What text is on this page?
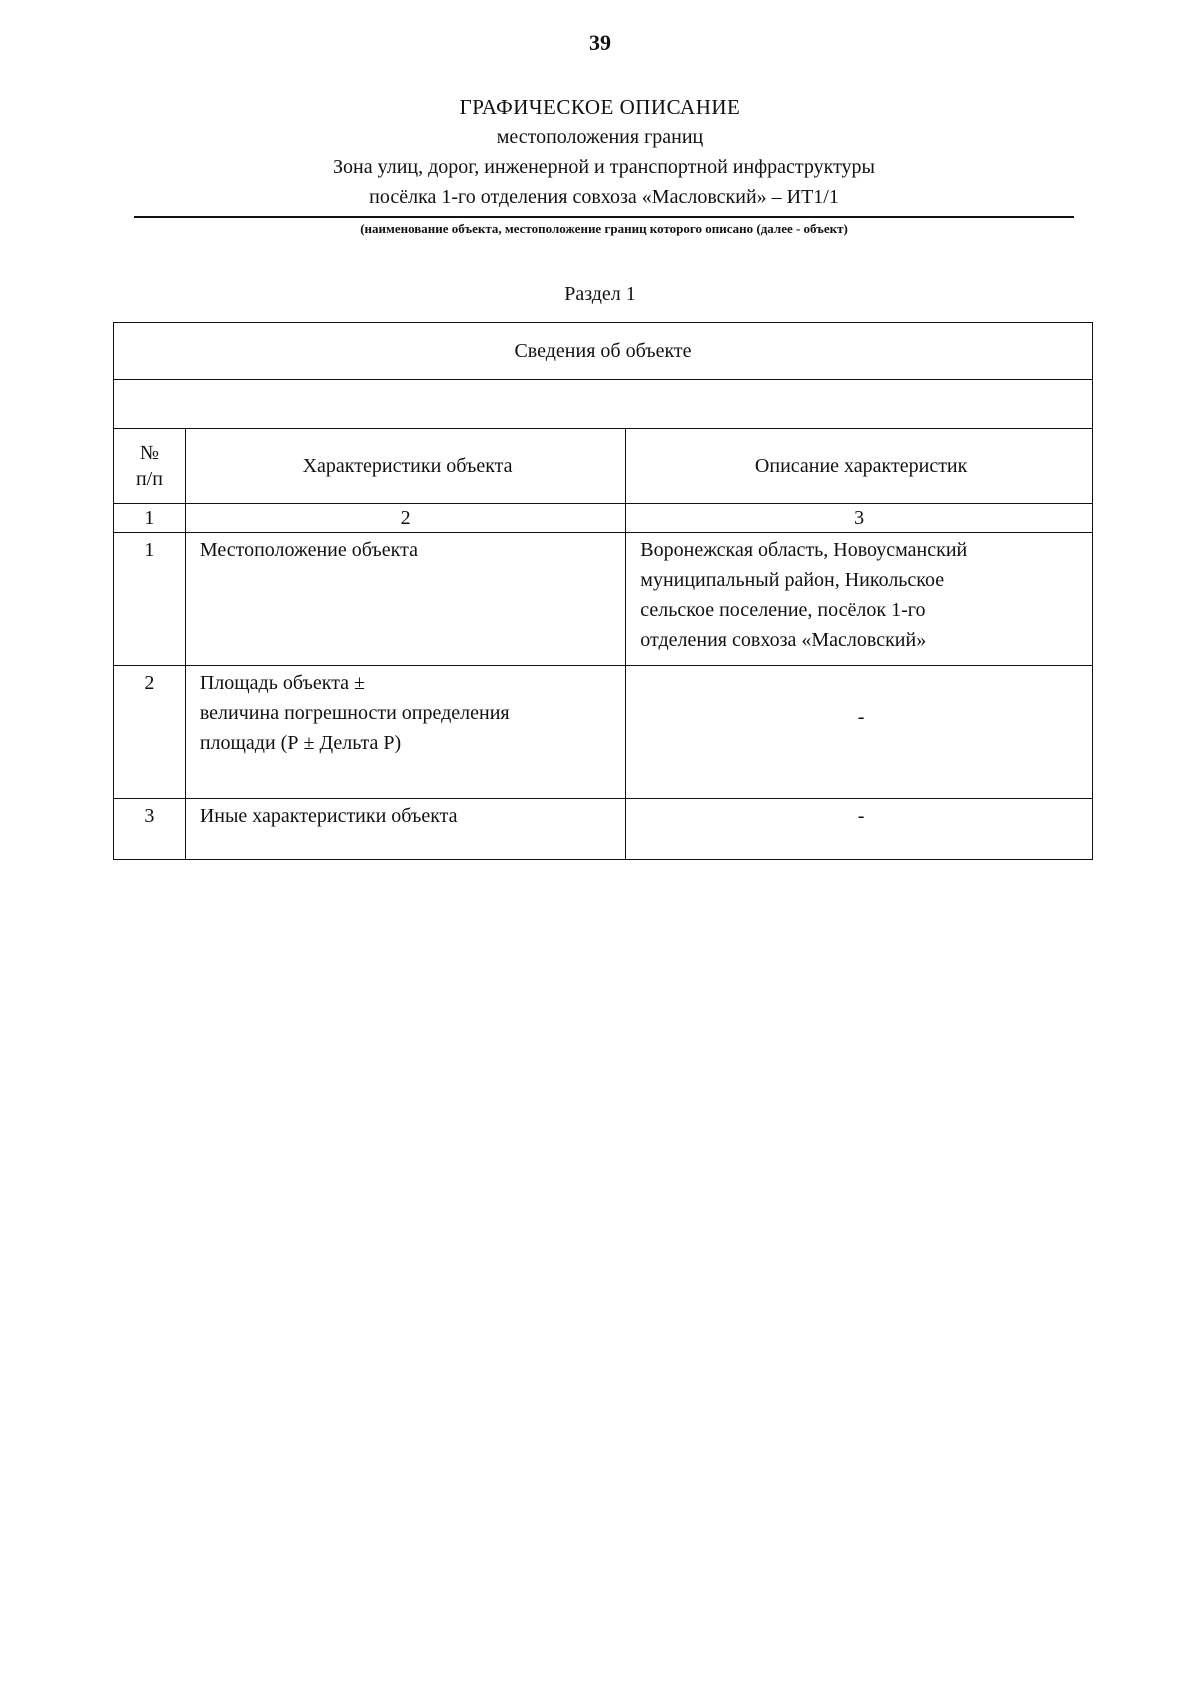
39
ГРАФИЧЕСКОЕ ОПИСАНИЕ
местоположения границ
Зона улиц, дорог, инженерной и транспортной инфраструктуры
посёлка 1-го отделения совхоза «Масловский» – ИТ1/1
(наименование объекта, местоположение границ которого описано (далее - объект)
Раздел 1
Сведения об объекте		

№
п/п	Характеристики объекта	Описание характеристик
1	2	3
1	Местоположение объекта	Воронежская область, Новоусманский
муниципальный район, Никольское
сельское поселение, посёлок 1-го
отделения совхоза «Масловский»

2	Площадь объекта ±
величина погрешности определения
площади (Р ± Дельта Р)	-
3	Иные характеристики объекта	-
